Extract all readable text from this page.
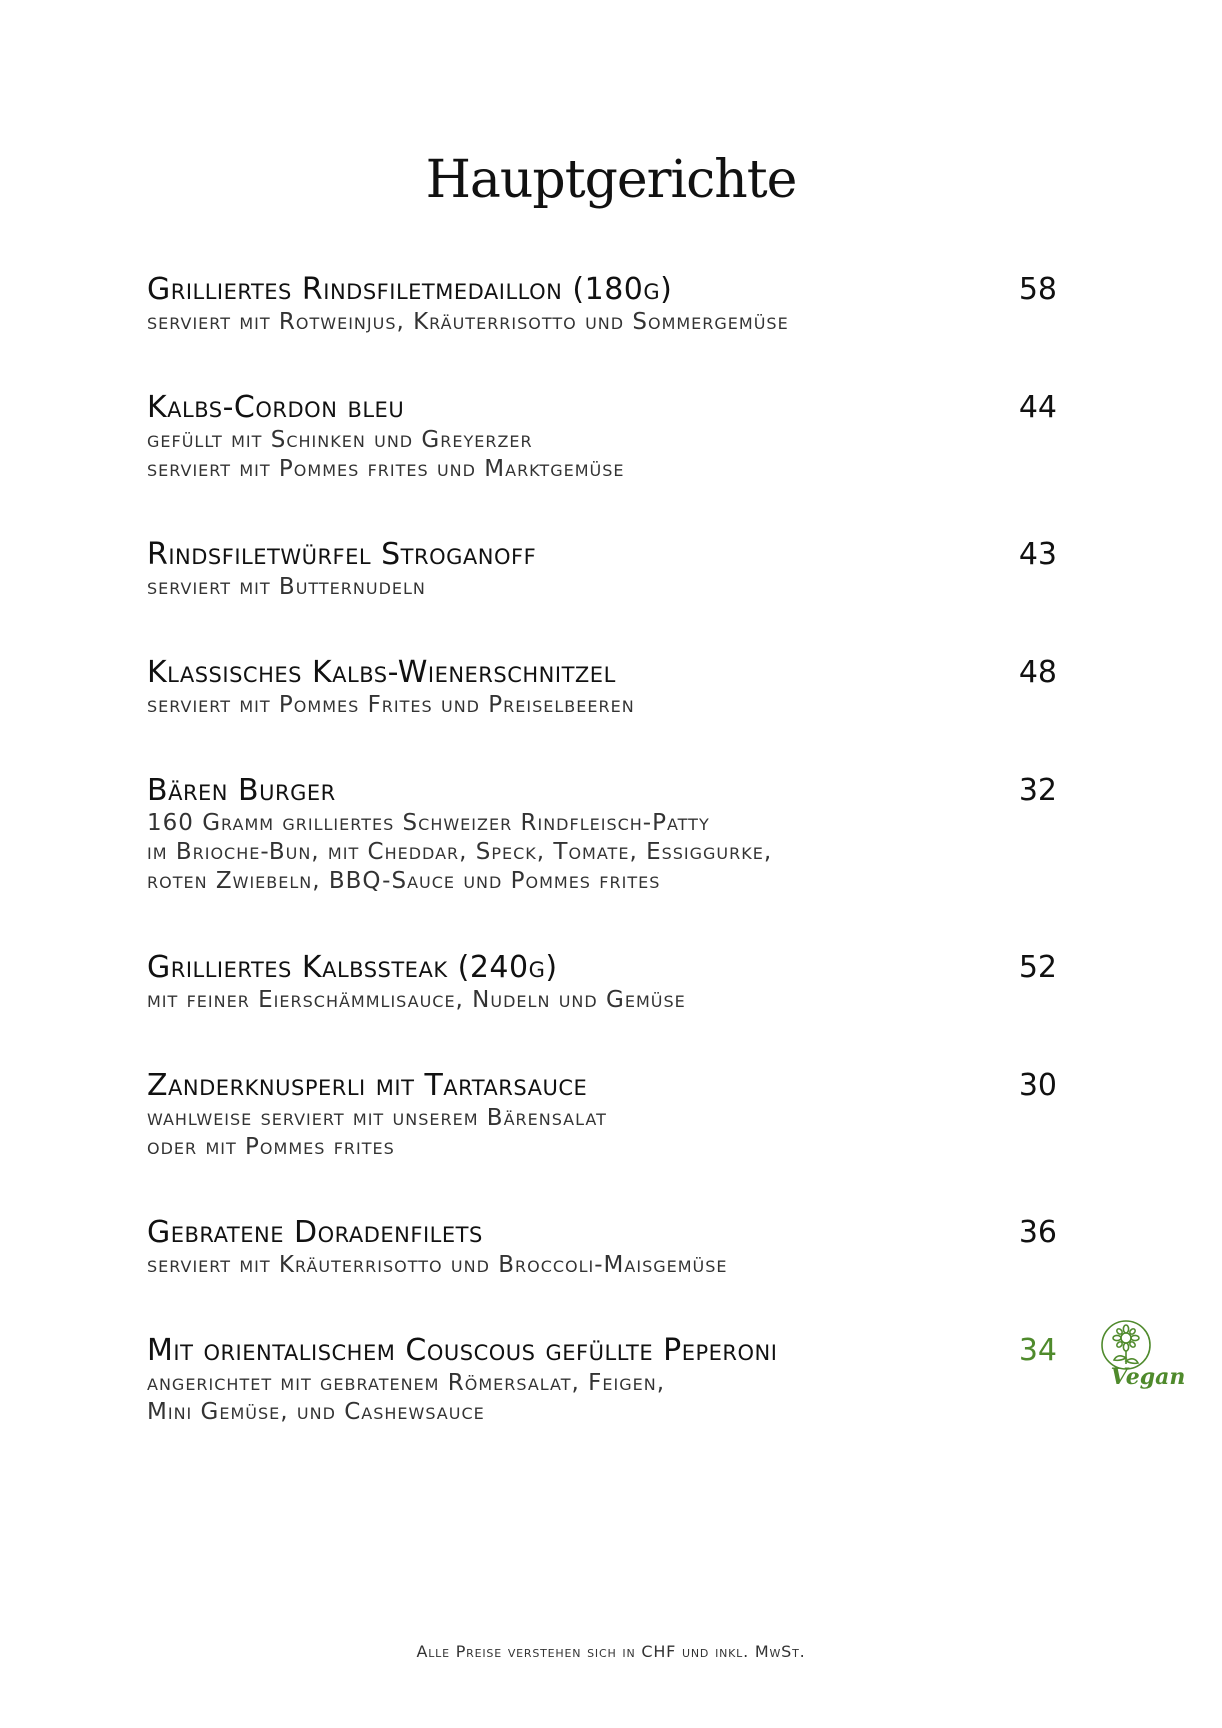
Hauptgerichte
Grilliertes Rindsfiletmedaillon (180g)	58
serviert mit Rotweinjus, Kräuterrisotto und Sommergemüse
Kalbs-Cordon bleu	44
gefüllt mit Schinken und Greyerzer
serviert mit Pommes frites und Marktgemüse
Rindsfiletwürfel Stroganoff	43
serviert mit Butternudeln
Klassisches Kalbs-Wienerschnitzel	48
serviert mit Pommes Frites und Preiselbeeren
Bären Burger	32
160 Gramm grilliertes Schweizer Rindfleisch-Patty
im Brioche-Bun, mit Cheddar, Speck, Tomate, Essiggurke,
roten Zwiebeln, BBQ-Sauce und Pommes frites
Grilliertes Kalbssteak (240g)	52
mit feiner Eierschämmlisauce, Nudeln und Gemüse
Zanderknusperli mit Tartarsauce	30
wahlweise serviert mit unserem Bärensalat
oder mit Pommes frites
Gebratene Doradenfilets	36
serviert mit Kräuterrisotto und Broccoli-Maisgemüse
Mit orientalischem Couscous gefüllte Peperoni	34
angerichtet mit gebratenem Römersalat, Feigen,
Mini Gemüse, und Cashewsauce
Vegan
Alle Preise verstehen sich in CHF und inkl. MwSt.
